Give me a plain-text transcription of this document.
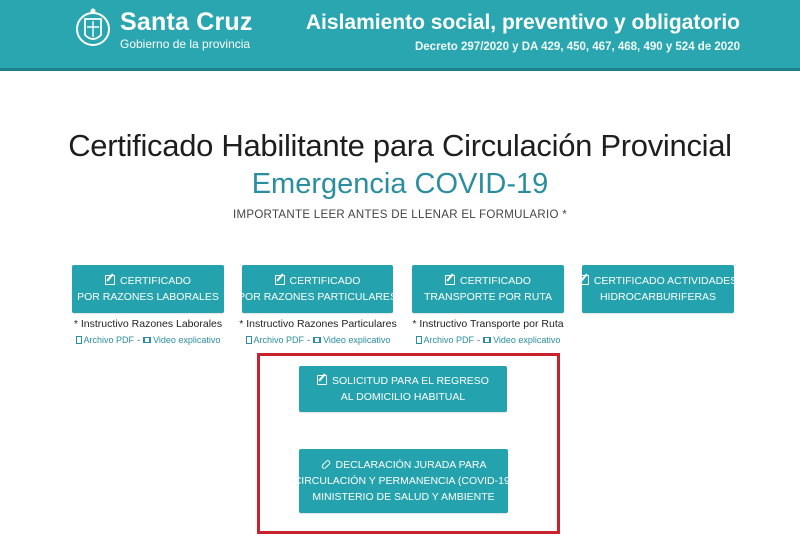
Santa Cruz
Gobierno de la provincia
Aislamiento social, preventivo y obligatorio
Decreto 297/2020 y DA 429, 450, 467, 468, 490 y 524 de 2020
Certificado Habilitante para Circulación Provincial
Emergencia COVID-19
IMPORTANTE LEER ANTES DE LLENAR EL FORMULARIO *
CERTIFICADO
POR RAZONES LABORALES
CERTIFICADO
POR RAZONES PARTICULARES
CERTIFICADO
TRANSPORTE POR RUTA
CERTIFICADO ACTIVIDADES
HIDROCARBURIFERAS
* Instructivo Razones Laborales
Archivo PDF - Video explicativo
* Instructivo Razones Particulares
Archivo PDF - Video explicativo
* Instructivo Transporte por Ruta
Archivo PDF - Video explicativo
SOLICITUD PARA EL REGRESO
AL DOMICILIO HABITUAL
DECLARACIÓN JURADA PARA
CIRCULACIÓN Y PERMANENCIA (COVID-19)
MINISTERIO DE SALUD Y AMBIENTE
